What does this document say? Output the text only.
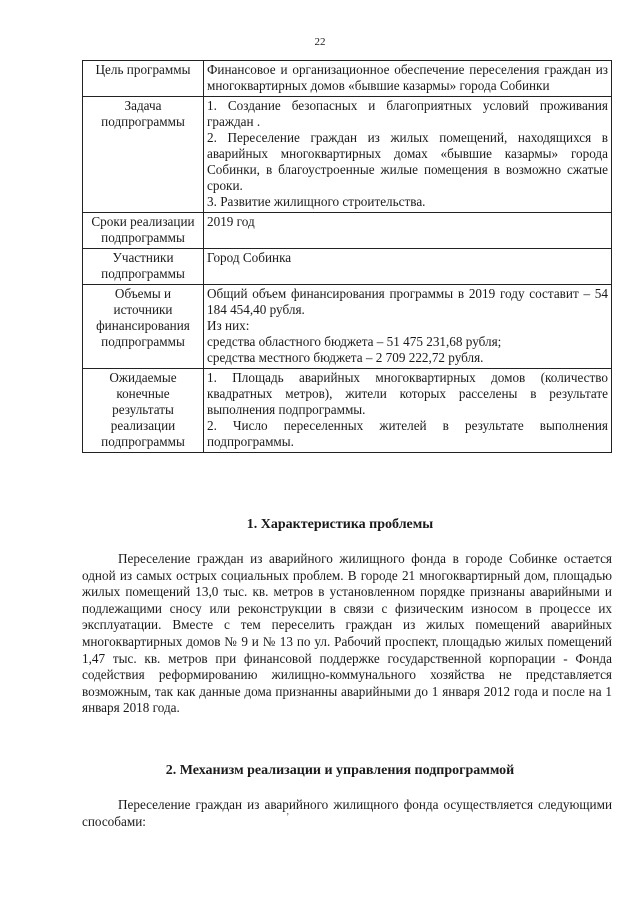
22
Цель программы	Финансовое и организационное обеспечение переселения граждан из многоквартирных домов «бывшие казармы» города Собинки

Задача подпрограммы	1. Создание безопасных и благоприятных условий проживания граждан .

2. Переселение граждан из жилых помещений, находящихся в аварийных многоквартирных домах «бывшие казармы» города Собинки, в благоустроенные жилые помещения в возможно сжатые сроки.

3. Развитие жилищного строительства.

Сроки реализации подпрограммы	2019 год

Участники подпрограммы	Город Собинка

Объемы и источники финансирования подпрограммы	Общий объем финансирования программы в 2019 году составит – 54 184 454,40 рубля.

Из них:

средства областного бюджета – 51 475 231,68 рубля;

средства местного бюджета – 2 709 222,72 рубля.

Ожидаемые конечные результаты реализации подпрограммы	1. Площадь аварийных многоквартирных домов (количество квадратных метров), жители которых расселены в результате выполнения подпрограммы.

2. Число переселенных жителей в результате выполнения подпрограммы.

1. Характеристика проблемы

Переселение граждан из аварийного жилищного фонда в городе Собинке остается одной из самых острых социальных проблем. В городе 21 многоквартирный дом, площадью жилых помещений 13,0 тыс. кв. метров в установленном порядке признаны аварийными и подлежащими сносу или реконструкции в связи с физическим износом в процессе их эксплуатации. Вместе с тем переселить граждан из жилых помещений аварийных многоквартирных домов № 9 и № 13 по ул. Рабочий проспект, площадью жилых помещений 1,47 тыс. кв. метров при финансовой поддержке государственной корпорации - Фонда содействия реформированию жилищно-коммунального хозяйства не представляется возможным, так как данные дома признанны аварийными до 1 января 2012 года и после на 1 января 2018 года.

2. Механизм реализации и управления подпрограммой

Переселение граждан из аварийного жилищного фонда осуществляется следующими способами:	ʼ
